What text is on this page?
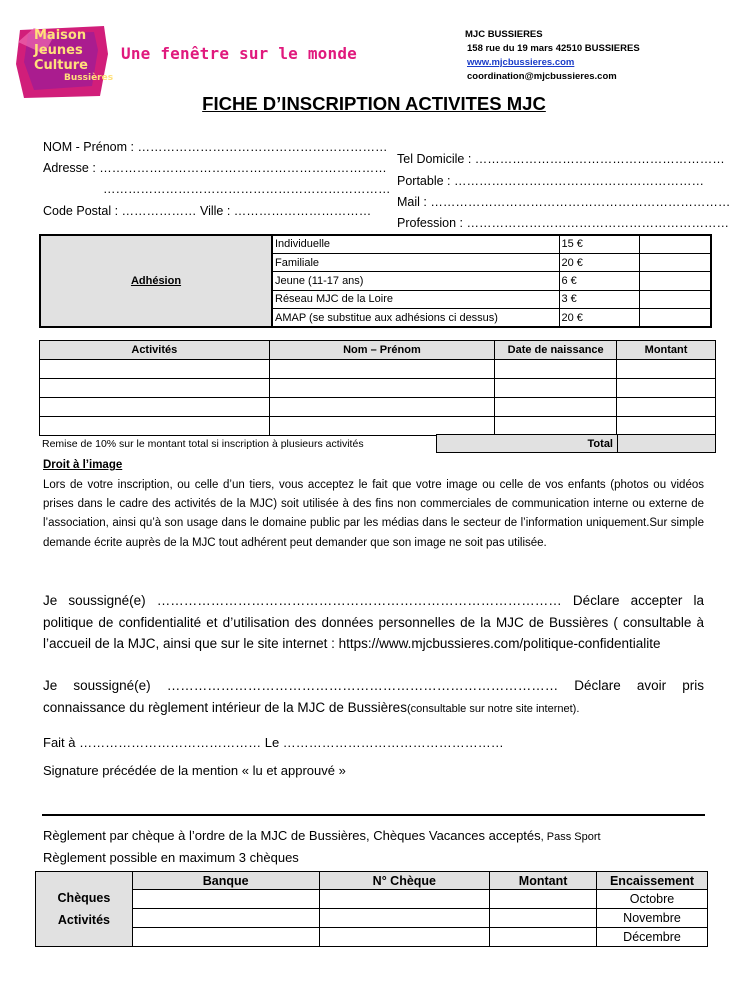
Maison
Jeunes
Culture
Bussières
Une fenêtre sur le monde
MJC BUSSIERES
158 rue du 19 mars 42510 BUSSIERES
www.mjcbussieres.com
coordination@mjcbussieres.com
FICHE D’INSCRIPTION ACTIVITES MJC
NOM - Prénom : ……………………………………………………
Adresse : ……………………………………………………………
……………………………………………………………
Code Postal : ……………… Ville : ……………………………
Tel Domicile : ……………………………………………………
Portable : ……………………………………………………
Mail : ………………………………………………………………
Profession : ………………………………………………………
Adhésion	Individuelle	15 €	
	Familiale	20 €	
	Jeune (11-17 ans)	6 €	
	Réseau MJC de la Loire	3 €	
	AMAP (se substitue aux adhésions ci dessus)	20 €	
Activités	Nom – Prénom	Date de naissance	Montant

Remise de 10% sur le montant total si inscription à plusieurs activités	Total
Droit à l’image
Lors de votre inscription, ou celle d’un tiers, vous acceptez le fait que votre image ou celle de vos enfants (photos ou vidéos prises dans le cadre des activités de la MJC) soit utilisée à des fins non commerciales de communication interne ou externe de l’association, ainsi qu’à son usage dans le domaine public par les médias dans le secteur de l’information uniquement.Sur simple demande écrite auprès de la MJC tout adhérent peut demander que son image ne soit pas utilisée.
Je soussigné(e) ……………………………………………………………………………… Déclare accepter la politique de confidentialité et d’utilisation des données personnelles de la MJC de Bussières ( consultable à l’accueil de la MJC, ainsi que sur le site internet : https://www.mjcbussieres.com/politique-confidentialite
Je soussigné(e) …………………………………………………………………………… Déclare avoir pris connaissance du règlement intérieur de la MJC de Bussières(consultable sur notre site internet).
Fait à …………………………………… Le ……………………………………………
Signature précédée de la mention « lu et approuvé »
Règlement par chèque à l’ordre de la MJC de Bussières, Chèques Vacances acceptés, Pass Sport
Règlement possible en maximum 3 chèques
Chèques
Activités	Banque	N° Chèque	Montant	Encaissement
				Octobre
				Novembre
				Décembre
